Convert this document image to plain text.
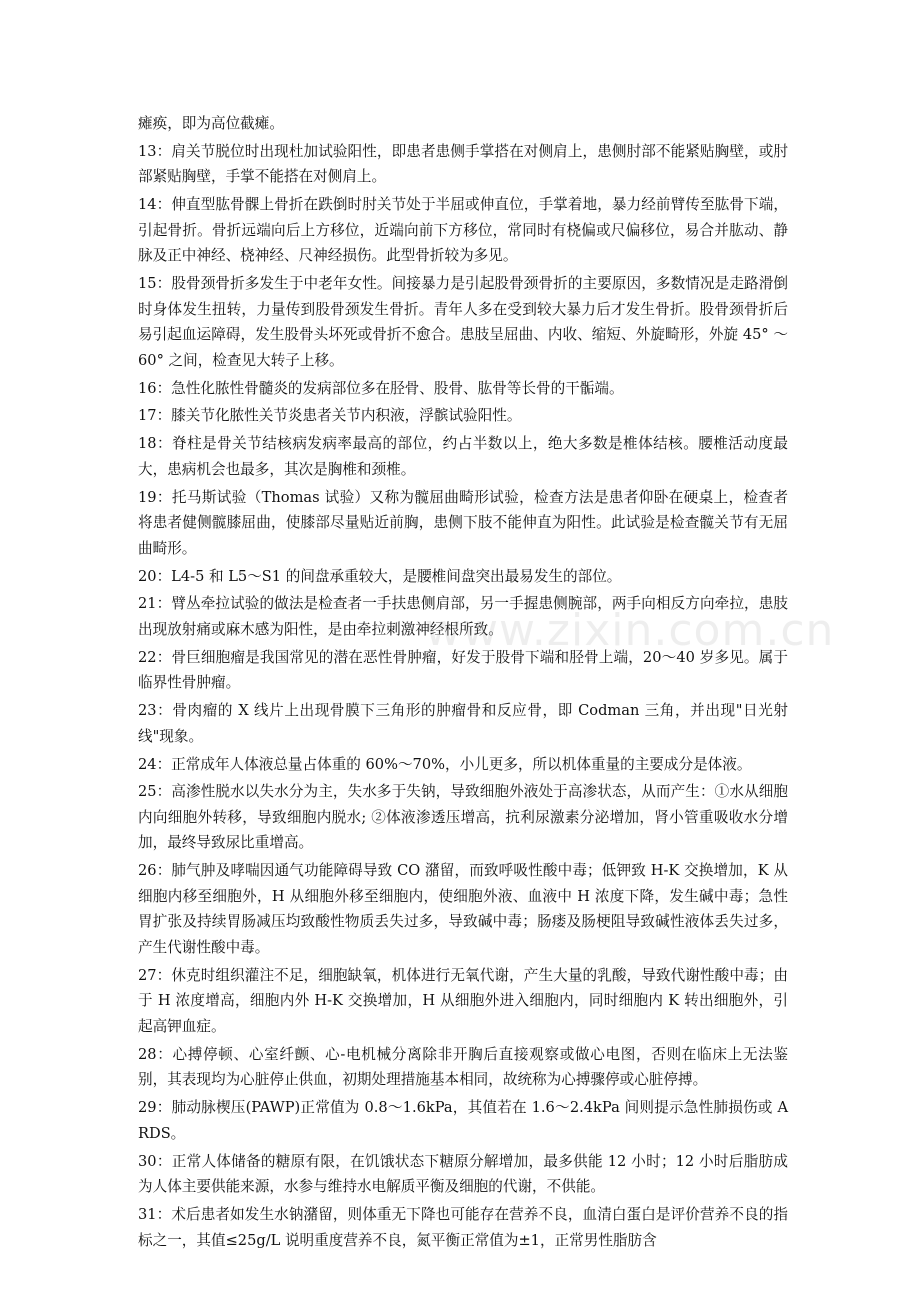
瘫痪，即为高位截瘫。

13：肩关节脱位时出现杜加试验阳性，即患者患侧手掌搭在对侧肩上，患侧肘部不能紧贴胸壁，或肘部紧贴胸壁，手掌不能搭在对侧肩上。

14：伸直型肱骨髁上骨折在跌倒时肘关节处于半屈或伸直位，手掌着地，暴力经前臂传至肱骨下端，引起骨折。骨折远端向后上方移位，近端向前下方移位，常同时有桡偏或尺偏移位，易合并肱动、静脉及正中神经、桡神经、尺神经损伤。此型骨折较为多见。

15：股骨颈骨折多发生于中老年女性。间接暴力是引起股骨颈骨折的主要原因，多数情况是走路滑倒时身体发生扭转，力量传到股骨颈发生骨折。青年人多在受到较大暴力后才发生骨折。股骨颈骨折后易引起血运障碍，发生股骨头坏死或骨折不愈合。患肢呈屈曲、内收、缩短、外旋畸形，外旋 45° ～60° 之间，检查见大转子上移。

16：急性化脓性骨髓炎的发病部位多在胫骨、股骨、肱骨等长骨的干骺端。

17：膝关节化脓性关节炎患者关节内积液，浮髌试验阳性。

18：脊柱是骨关节结核病发病率最高的部位，约占半数以上，绝大多数是椎体结核。腰椎活动度最大，患病机会也最多，其次是胸椎和颈椎。

19：托马斯试验（Thomas 试验）又称为髋屈曲畸形试验，检查方法是患者仰卧在硬桌上，检查者将患者健侧髋膝屈曲，使膝部尽量贴近前胸，患侧下肢不能伸直为阳性。此试验是检查髋关节有无屈曲畸形。

20：L4-5 和 L5～S1 的间盘承重较大，是腰椎间盘突出最易发生的部位。

21：臂丛牵拉试验的做法是检查者一手扶患侧肩部，另一手握患侧腕部，两手向相反方向牵拉，患肢出现放射痛或麻木感为阳性，是由牵拉刺激神经根所致。

22：骨巨细胞瘤是我国常见的潜在恶性骨肿瘤，好发于股骨下端和胫骨上端，20～40 岁多见。属于临界性骨肿瘤。

23：骨肉瘤的 X 线片上出现骨膜下三角形的肿瘤骨和反应骨，即 Codman 三角，并出现"日光射线"现象。

24：正常成年人体液总量占体重的 60%～70%，小儿更多，所以机体重量的主要成分是体液。

25：高渗性脱水以失水分为主，失水多于失钠，导致细胞外液处于高渗状态，从而产生：①水从细胞内向细胞外转移，导致细胞内脱水; ②体液渗透压增高，抗利尿激素分泌增加，肾小管重吸收水分增加，最终导致尿比重增高。

26：肺气肿及哮喘因通气功能障碍导致 CO 潴留，而致呼吸性酸中毒；低钾致 H-K 交换增加，K 从细胞内移至细胞外，H 从细胞外移至细胞内，使细胞外液、血液中 H 浓度下降，发生碱中毒；急性胃扩张及持续胃肠减压均致酸性物质丢失过多，导致碱中毒；肠瘘及肠梗阻导致碱性液体丢失过多，产生代谢性酸中毒。

27：休克时组织灌注不足，细胞缺氧，机体进行无氧代谢，产生大量的乳酸，导致代谢性酸中毒；由于 H 浓度增高，细胞内外 H-K 交换增加，H 从细胞外进入细胞内，同时细胞内 K 转出细胞外，引起高钾血症。

28：心搏停顿、心室纤颤、心-电机械分离除非开胸后直接观察或做心电图，否则在临床上无法鉴别，其表现均为心脏停止供血，初期处理措施基本相同，故统称为心搏骤停或心脏停搏。

29：肺动脉楔压(PAWP)正常值为 0.8～1.6kPa，其值若在 1.6～2.4kPa 间则提示急性肺损伤或 ARDS。

30：正常人体储备的糖原有限，在饥饿状态下糖原分解增加，最多供能 12 小时；12 小时后脂肪成为人体主要供能来源，水参与维持水电解质平衡及细胞的代谢，不供能。

31：术后患者如发生水钠潴留，则体重无下降也可能存在营养不良，血清白蛋白是评价营养不良的指标之一，其值≤25g/L 说明重度营养不良，氮平衡正常值为±1，正常男性脂肪含

www.zixin.com.cn
